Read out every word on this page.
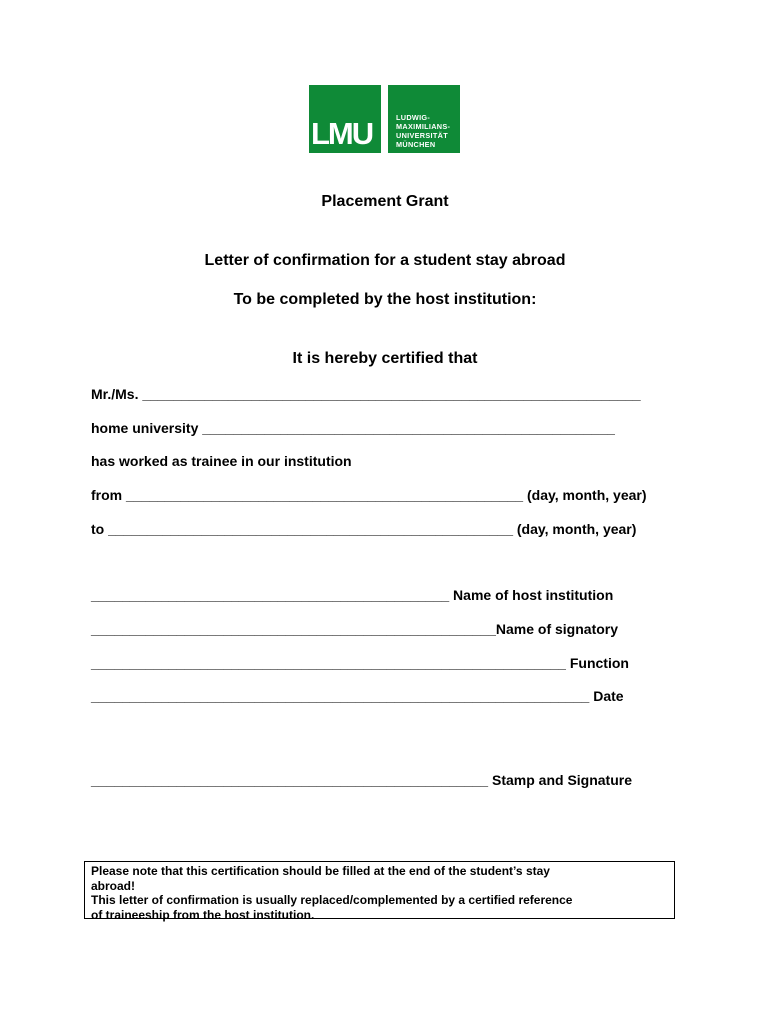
LMU	LUDWIG-
MAXIMILIANS-
UNIVERSITÄT
MÜNCHEN
Placement Grant
Letter of confirmation for a student stay abroad
To be completed by the host institution:
It is hereby certified that
Mr./Ms. ________________________________________________________________
home university _____________________________________________________
has worked as trainee in our institution
from ___________________________________________________ (day, month, year)
to ____________________________________________________ (day, month, year)
______________________________________________ Name of host institution
____________________________________________________Name of signatory
_____________________________________________________________ Function
________________________________________________________________ Date
___________________________________________________ Stamp and Signature
Please note that this certification should be filled at the end of the student’s stay
abroad!
This letter of confirmation is usually replaced/complemented by a certified reference
of traineeship from the host institution.
